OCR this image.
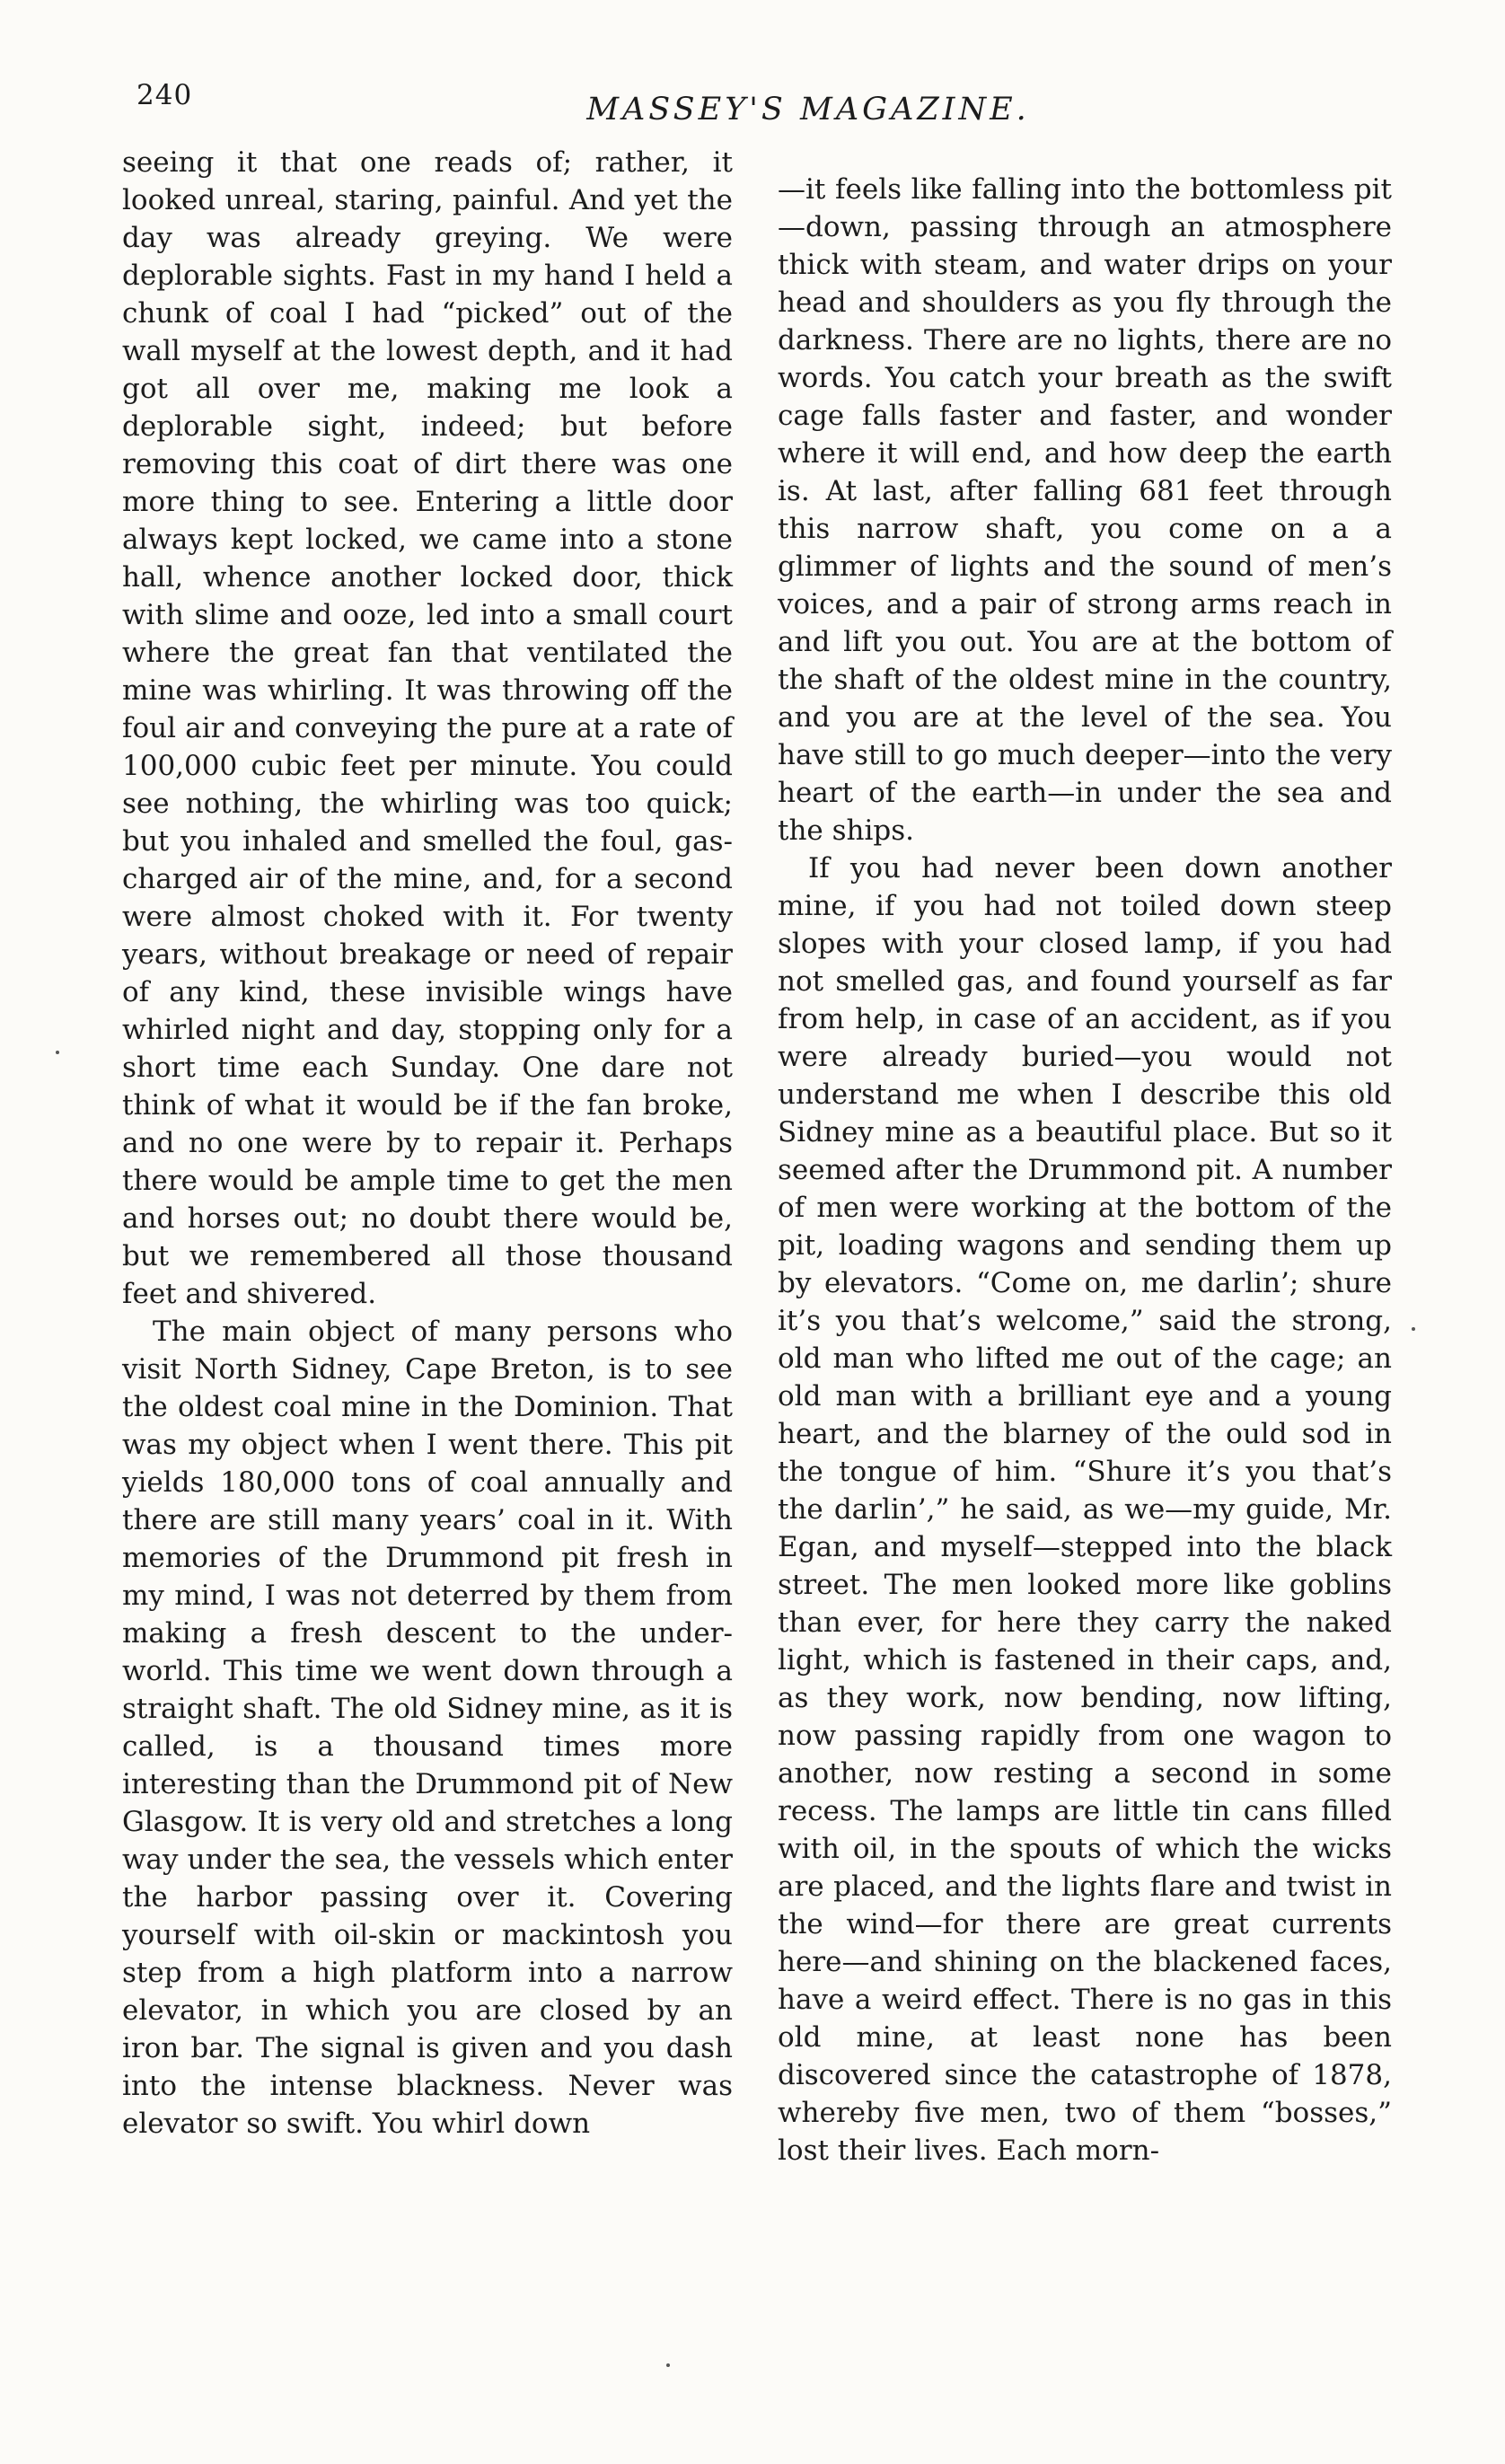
240	MASSEY'S MAGAZINE.

seeing it that one reads of; rather, it looked unreal, staring, painful. And yet the day was already greying. We were deplorable sights. Fast in my hand I held a chunk of coal I had “picked” out of the wall myself at the lowest depth, and it had got all over me, making me look a deplorable sight, indeed; but before removing this coat of dirt there was one more thing to see. Entering a little door always kept locked, we came into a stone hall, whence another locked door, thick with slime and ooze, led into a small court where the great fan that ventilated the mine was whirling. It was throwing off the foul air and conveying the pure at a rate of 100,000 cubic feet per minute. You could see nothing, the whirling was too quick; but you inhaled and smelled the foul, gas-charged air of the mine, and, for a second were almost choked with it. For twenty years, without breakage or need of repair of any kind, these invisible wings have whirled night and day, stopping only for a short time each Sunday. One dare not think of what it would be if the fan broke, and no one were by to repair it. Perhaps there would be ample time to get the men and horses out; no doubt there would be, but we remembered all those thousand feet and shivered.

The main object of many persons who visit North Sidney, Cape Breton, is to see the oldest coal mine in the Dominion. That was my object when I went there. This pit yields 180,000 tons of coal annually and there are still many years’ coal in it. With memories of the Drummond pit fresh in my mind, I was not deterred by them from making a fresh descent to the under-world. This time we went down through a straight shaft. The old Sidney mine, as it is called, is a thousand times more interesting than the Drummond pit of New Glasgow. It is very old and stretches a long way under the sea, the vessels which enter the harbor passing over it. Covering yourself with oil-skin or mackintosh you step from a high platform into a narrow elevator, in which you are closed by an iron bar. The signal is given and you dash into the intense blackness. Never was elevator so swift. You whirl down

—it feels like falling into the bottomless pit—down, passing through an atmosphere thick with steam, and water drips on your head and shoulders as you fly through the darkness. There are no lights, there are no words. You catch your breath as the swift cage falls faster and faster, and wonder where it will end, and how deep the earth is. At last, after falling 681 feet through this narrow shaft, you come on a a glimmer of lights and the sound of men’s voices, and a pair of strong arms reach in and lift you out. You are at the bottom of the shaft of the oldest mine in the country, and you are at the level of the sea. You have still to go much deeper—into the very heart of the earth—in under the sea and the ships.

If you had never been down another mine, if you had not toiled down steep slopes with your closed lamp, if you had not smelled gas, and found yourself as far from help, in case of an accident, as if you were already buried—you would not understand me when I describe this old Sidney mine as a beautiful place. But so it seemed after the Drummond pit. A number of men were working at the bottom of the pit, loading wagons and sending them up by elevators. “Come on, me darlin’; shure it’s you that’s welcome,” said the strong, old man who lifted me out of the cage; an old man with a brilliant eye and a young heart, and the blarney of the ould sod in the tongue of him. “Shure it’s you that’s the darlin’,” he said, as we—my guide, Mr. Egan, and myself—stepped into the black street. The men looked more like goblins than ever, for here they carry the naked light, which is fastened in their caps, and, as they work, now bending, now lifting, now passing rapidly from one wagon to another, now resting a second in some recess. The lamps are little tin cans filled with oil, in the spouts of which the wicks are placed, and the lights flare and twist in the wind—for there are great currents here—and shining on the blackened faces, have a weird effect. There is no gas in this old mine, at least none has been discovered since the catastrophe of 1878, whereby five men, two of them “bosses,” lost their lives. Each morn-
